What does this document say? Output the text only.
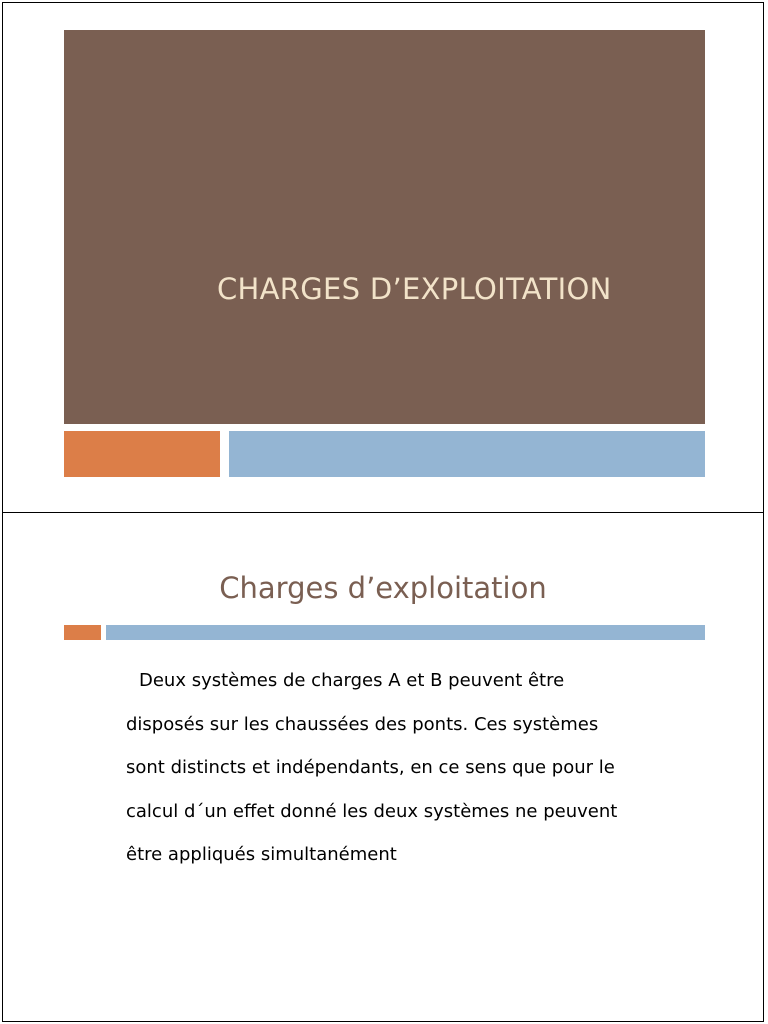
CHARGES D’EXPLOITATION
Charges d’exploitation
Deux systèmes de charges A et B peuvent être
disposés sur les chaussées des ponts. Ces systèmes
sont distincts et indépendants, en ce sens que pour le
calcul d´un effet donné les deux systèmes ne peuvent
être appliqués simultanément
